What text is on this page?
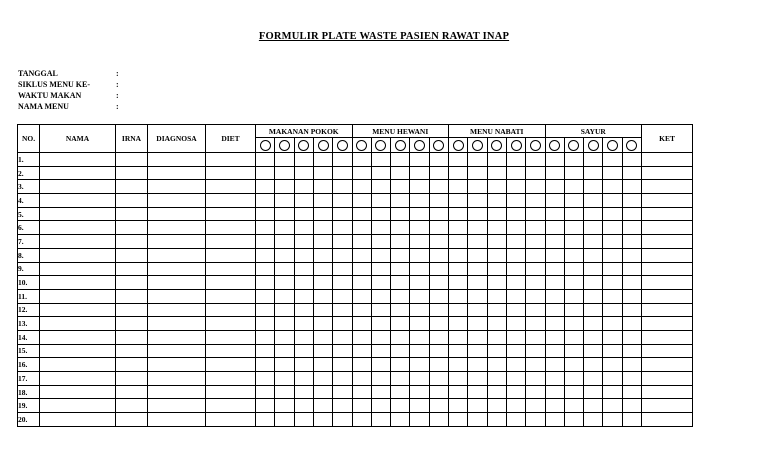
FORMULIR PLATE WASTE PASIEN RAWAT INAP
TANGGAL	:
SIKLUS MENU KE-	:
WAKTU MAKAN	:
NAMA MENU	:
NO.	NAMA	IRNA	DIAGNOSA	DIET	MAKANAN POKOK					MENU HEWANI					MENU NABATI					SAYUR					KET

1.																									
2.																									
3.																									
4.																									
5.																									
6.																									
7.																									
8.																									
9.																									
10.																									
11.																									
12.																									
13.																									
14.																									
15.																									
16.																									
17.																									
18.																									
19.																									
20.																									
